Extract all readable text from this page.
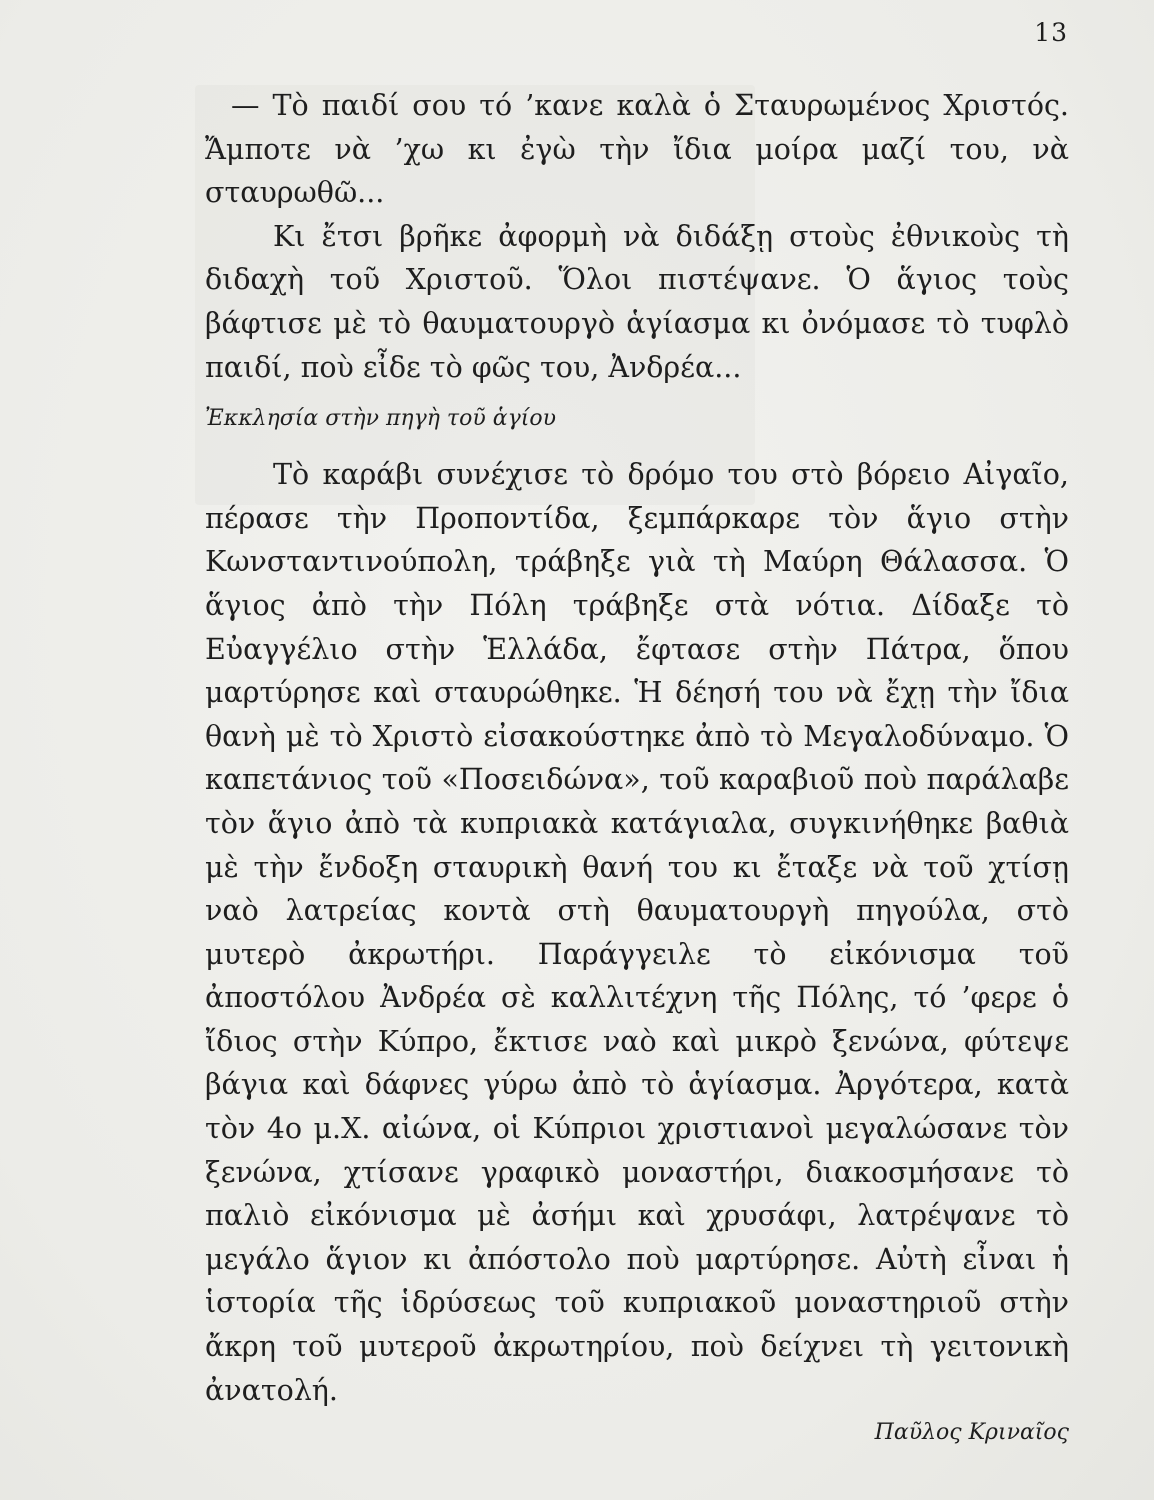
13

— Τὸ παιδί σου τό ’κανε καλὰ ὁ Σταυρωμένος Χριστός. Ἄμποτε νὰ ’χω κι ἐγὼ τὴν ἴδια μοίρα μαζί του, νὰ σταυρωθῶ...

Κι ἔτσι βρῆκε ἀφορμὴ νὰ διδάξῃ στοὺς ἐθνικοὺς τὴ διδαχὴ τοῦ Χριστοῦ. Ὅλοι πιστέψανε. Ὁ ἅγιος τοὺς βάφτισε μὲ τὸ θαυματουργὸ ἁγίασμα κι ὀνόμασε τὸ τυφλὸ παιδί, ποὺ εἶδε τὸ φῶς του, Ἀνδρέα...

Ἐκκλησία στὴν πηγὴ τοῦ ἁγίου

Τὸ καράβι συνέχισε τὸ δρόμο του στὸ βόρειο Αἰγαῖο, πέρασε τὴν Προποντίδα, ξεμπάρκαρε τὸν ἅγιο στὴν Κωνσταντινούπολη, τράβηξε γιὰ τὴ Μαύρη Θάλασσα. Ὁ ἅγιος ἀπὸ τὴν Πόλη τράβηξε στὰ νότια. Δίδαξε τὸ Εὐαγγέλιο στὴν Ἑλλάδα, ἔφτασε στὴν Πάτρα, ὅπου μαρτύρησε καὶ σταυρώθηκε. Ἡ δέησή του νὰ ἔχῃ τὴν ἴδια θανὴ μὲ τὸ Χριστὸ εἰσακούστηκε ἀπὸ τὸ Μεγαλοδύναμο. Ὁ καπετάνιος τοῦ «Ποσειδώνα», τοῦ καραβιοῦ ποὺ παράλαβε τὸν ἅγιο ἀπὸ τὰ κυπριακὰ κατάγιαλα, συγκινήθηκε βαθιὰ μὲ τὴν ἔνδοξη σταυρικὴ θανή του κι ἔταξε νὰ τοῦ χτίσῃ ναὸ λατρείας κοντὰ στὴ θαυματουργὴ πηγούλα, στὸ μυτερὸ ἀκρωτήρι. Παράγγειλε τὸ εἰκόνισμα τοῦ ἀποστόλου Ἀνδρέα σὲ καλλιτέχνη τῆς Πόλης, τό ’φερε ὁ ἴδιος στὴν Κύπρο, ἔκτισε ναὸ καὶ μικρὸ ξενώνα, φύτεψε βάγια καὶ δάφνες γύρω ἀπὸ τὸ ἁγίασμα. Ἀργότερα, κατὰ τὸν 4ο μ.Χ. αἰώνα, οἱ Κύπριοι χριστιανοὶ μεγαλώσανε τὸν ξενώνα, χτίσανε γραφικὸ μοναστήρι, διακοσμήσανε τὸ παλιὸ εἰκόνισμα μὲ ἀσήμι καὶ χρυσάφι, λατρέψανε τὸ μεγάλο ἅγιον κι ἀπόστολο ποὺ μαρτύρησε. Αὐτὴ εἶναι ἡ ἱστορία τῆς ἱδρύσεως τοῦ κυπριακοῦ μοναστηριοῦ στὴν ἄκρη τοῦ μυτεροῦ ἀκρωτηρίου, ποὺ δείχνει τὴ γειτονικὴ ἀνατολή.

Παῦλος Κριναῖος
